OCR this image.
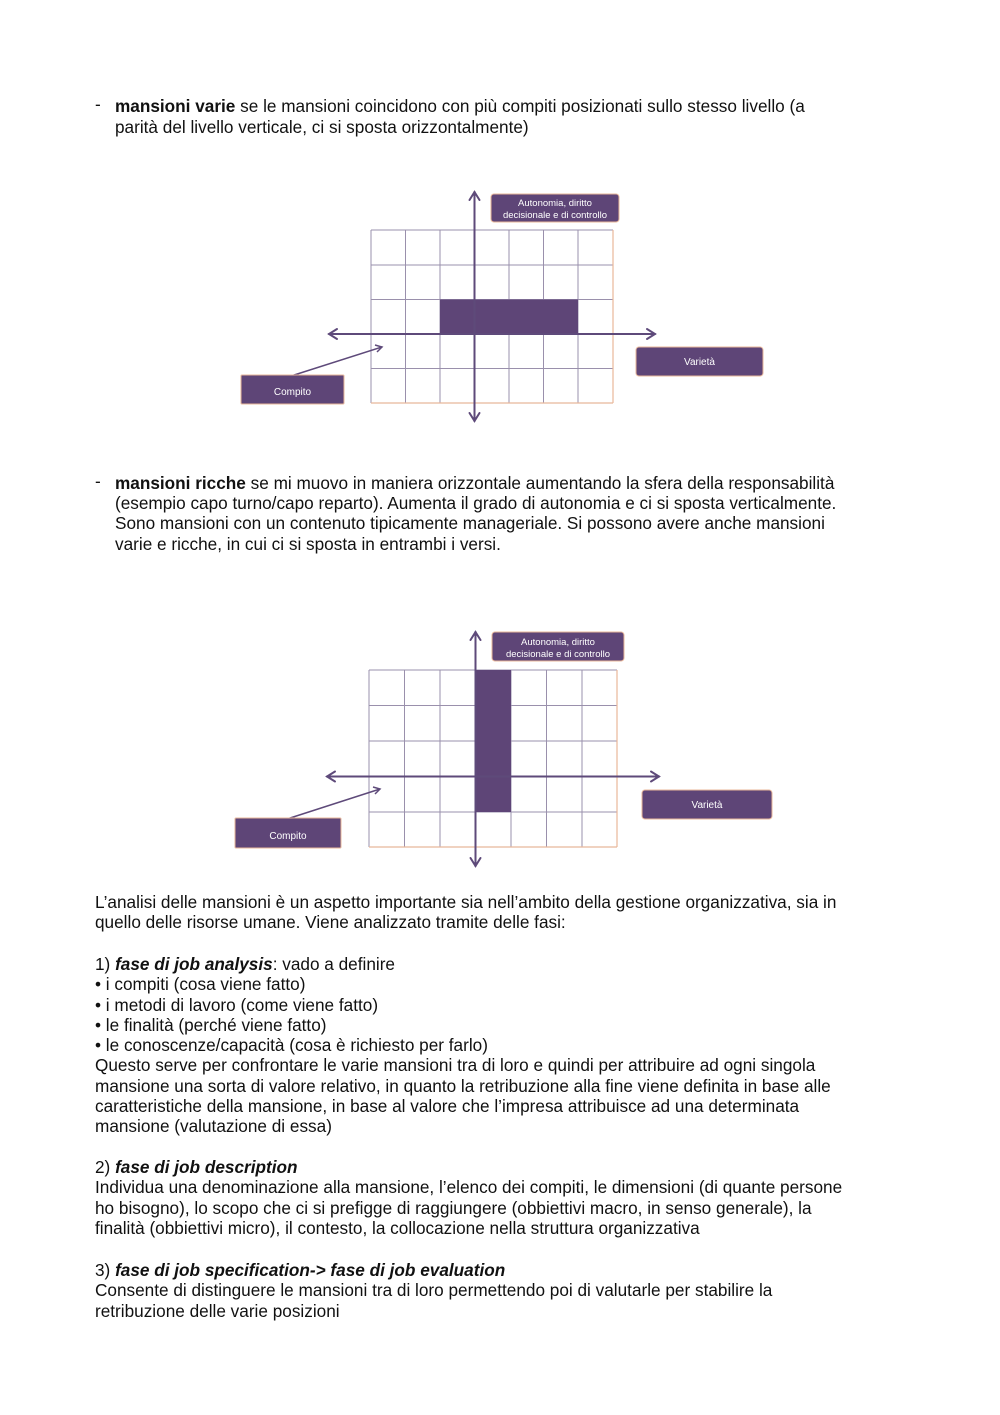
- mansioni varie se le mansioni coincidono con più compiti posizionati sullo stesso livello (a
parità del livello verticale, ci si sposta orizzontalmente)
Autonomia, diritto
decisionale e di controllo
Varietà
Compito
- mansioni ricche se mi muovo in maniera orizzontale aumentando la sfera della responsabilità
(esempio capo turno/capo reparto). Aumenta il grado di autonomia e ci si sposta verticalmente.
Sono mansioni con un contenuto tipicamente manageriale. Si possono avere anche mansioni
varie e ricche, in cui ci si sposta in entrambi i versi.
Autonomia, diritto
decisionale e di controllo
Varietà
Compito
L’analisi delle mansioni è un aspetto importante sia nell’ambito della gestione organizzativa, sia in
quello delle risorse umane. Viene analizzato tramite delle fasi:
1) fase di job analysis: vado a definire
• i compiti (cosa viene fatto)
• i metodi di lavoro (come viene fatto)
• le finalità (perché viene fatto)
• le conoscenze/capacità (cosa è richiesto per farlo)
Questo serve per confrontare le varie mansioni tra di loro e quindi per attribuire ad ogni singola
mansione una sorta di valore relativo, in quanto la retribuzione alla fine viene definita in base alle
caratteristiche della mansione, in base al valore che l’impresa attribuisce ad una determinata
mansione (valutazione di essa)
2) fase di job description
Individua una denominazione alla mansione, l’elenco dei compiti, le dimensioni (di quante persone
ho bisogno), lo scopo che ci si prefigge di raggiungere (obbiettivi macro, in senso generale), la
finalità (obbiettivi micro), il contesto, la collocazione nella struttura organizzativa
3) fase di job specification-> fase di job evaluation
Consente di distinguere le mansioni tra di loro permettendo poi di valutarle per stabilire la
retribuzione delle varie posizioni
